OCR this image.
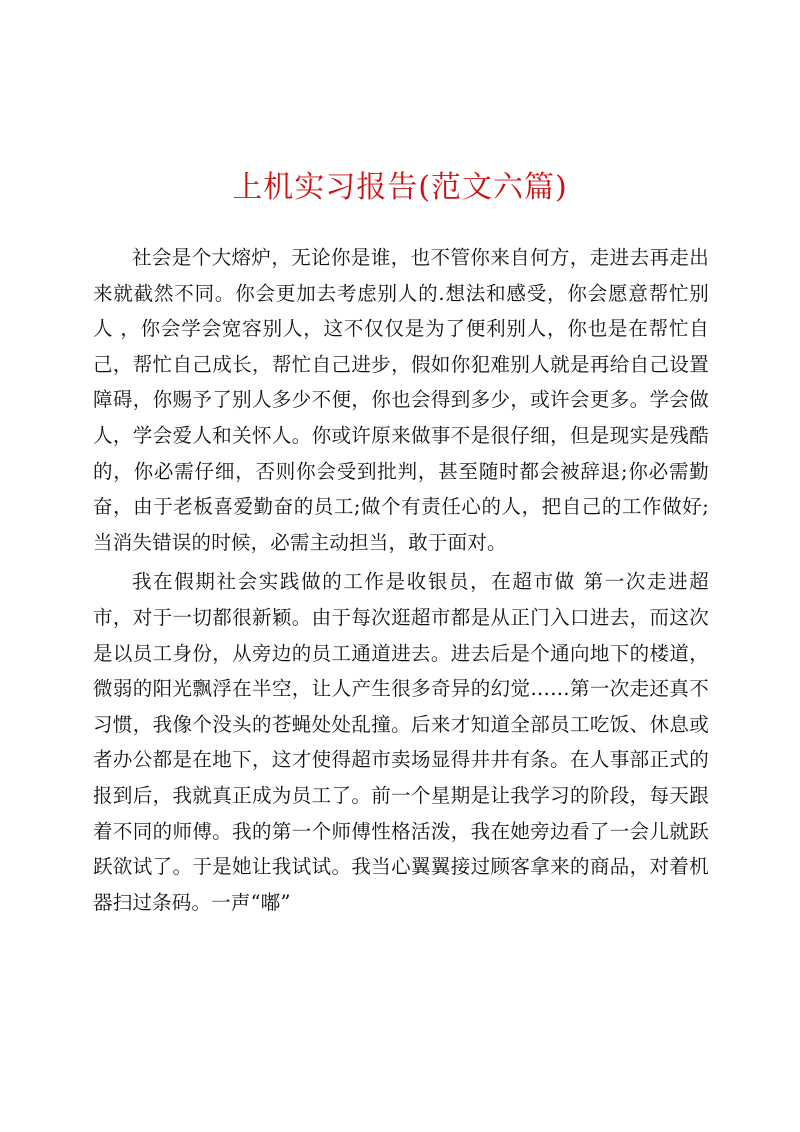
上机实习报告(范文六篇)

社会是个大熔炉，无论你是谁，也不管你来自何方，走进去再走出来就截然不同。你会更加去考虑别人的.想法和感受，你会愿意帮忙别人 ，你会学会宽容别人，这不仅仅是为了便利别人，你也是在帮忙自己，帮忙自己成长，帮忙自己进步，假如你犯难别人就是再给自己设置障碍，你赐予了别人多少不便，你也会得到多少，或许会更多。学会做人，学会爱人和关怀人。你或许原来做事不是很仔细，但是现实是残酷的，你必需仔细，否则你会受到批判，甚至随时都会被辞退;你必需勤奋，由于老板喜爱勤奋的员工;做个有责任心的人，把自己的工作做好;当消失错误的时候，必需主动担当，敢于面对。

我在假期社会实践做的工作是收银员，在超市做 第一次走进超市，对于一切都很新颖。由于每次逛超市都是从正门入口进去，而这次是以员工身份，从旁边的员工通道进去。进去后是个通向地下的楼道，微弱的阳光飘浮在半空，让人产生很多奇异的幻觉……第一次走还真不习惯，我像个没头的苍蝇处处乱撞。后来才知道全部员工吃饭、休息或者办公都是在地下，这才使得超市卖场显得井井有条。在人事部正式的报到后，我就真正成为员工了。前一个星期是让我学习的阶段，每天跟着不同的师傅。我的第一个师傅性格活泼，我在她旁边看了一会儿就跃跃欲试了。于是她让我试试。我当心翼翼接过顾客拿来的商品，对着机器扫过条码。一声“嘟”
